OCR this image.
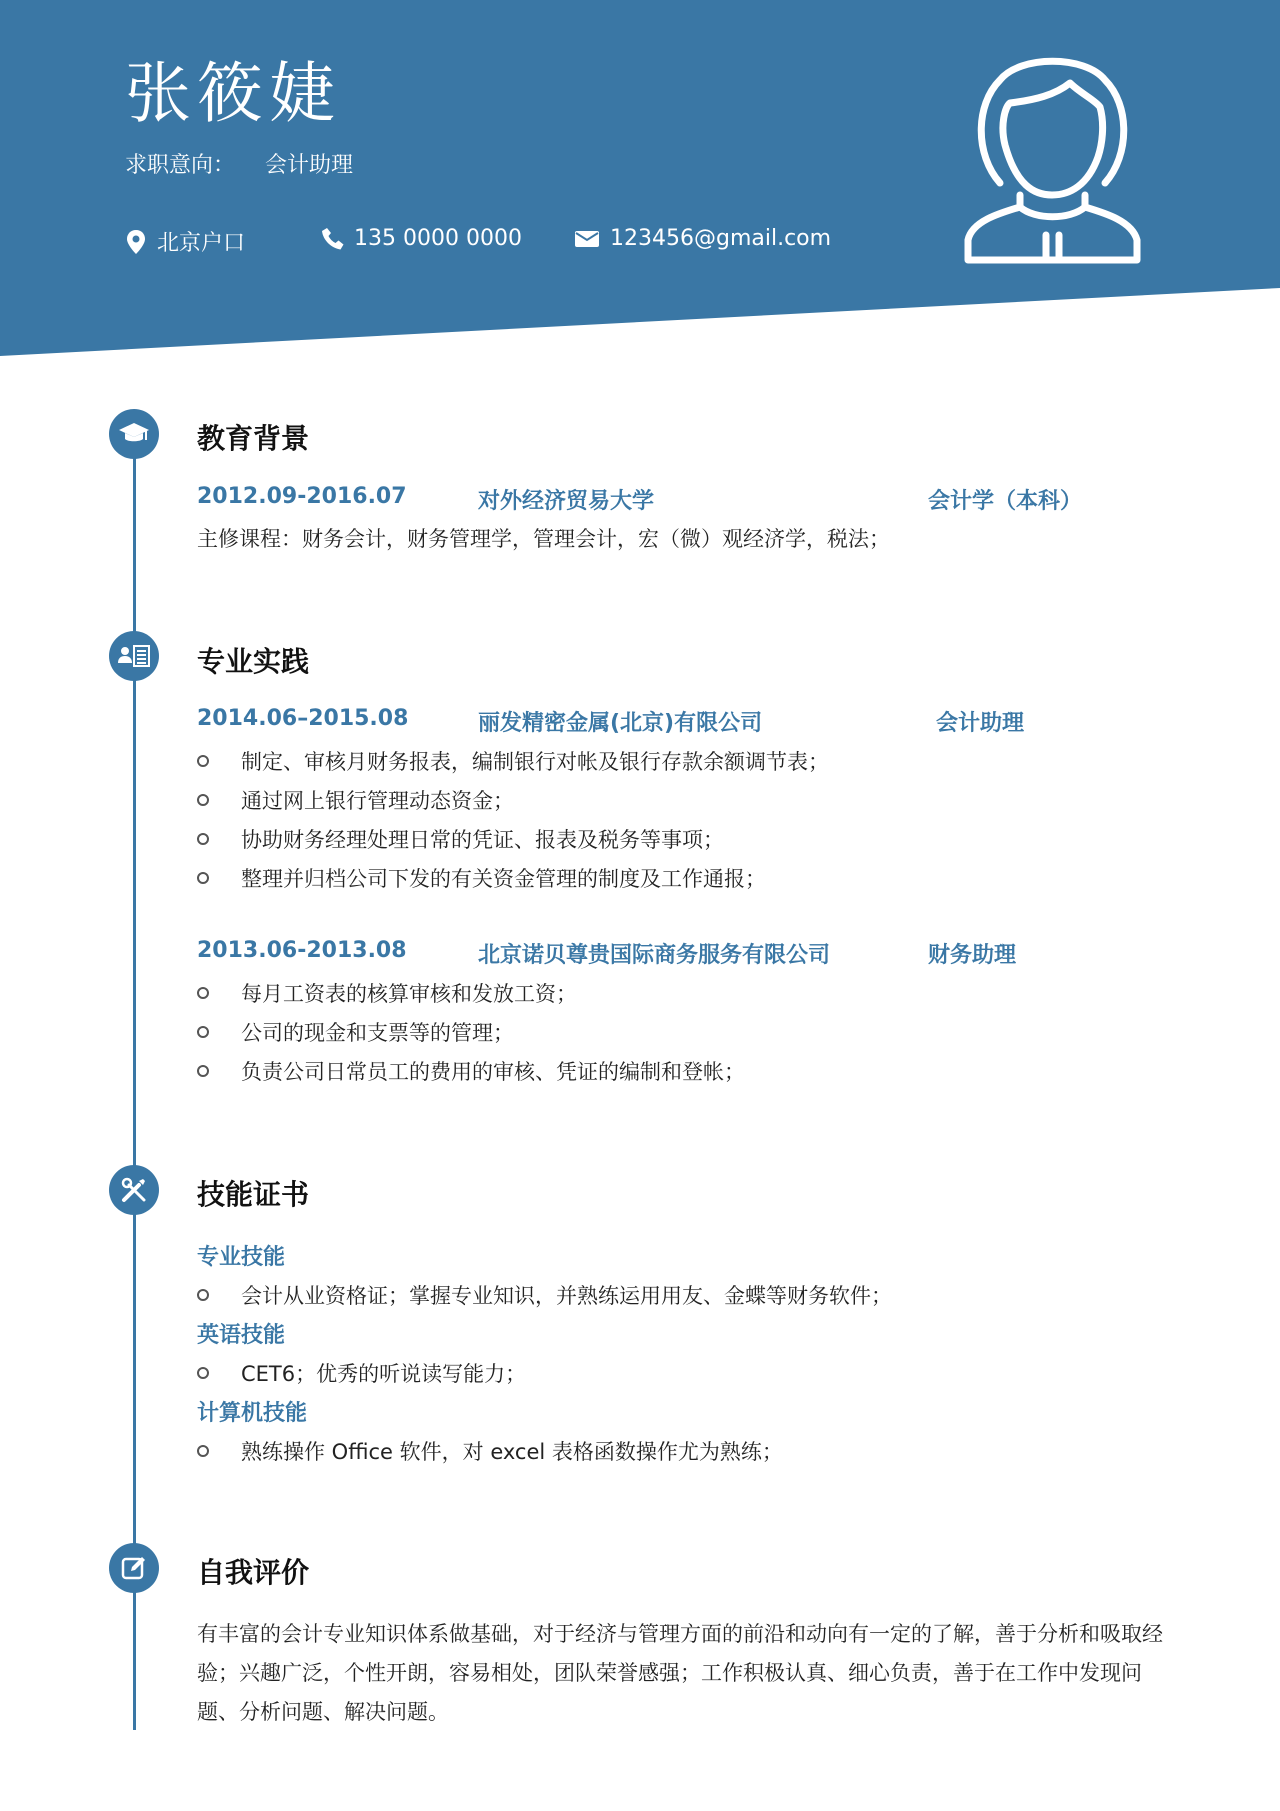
张筱婕
求职意向： 会计助理
北京户口	135 0000 0000	123456@gmail.com
教育背景
2012.09-2016.07	对外经济贸易大学	会计学（本科）
主修课程：财务会计，财务管理学，管理会计，宏（微）观经济学，税法；
专业实践
2014.06–2015.08	丽发精密金属(北京)有限公司	会计助理
制定、审核月财务报表，编制银行对帐及银行存款余额调节表；
通过网上银行管理动态资金；
协助财务经理处理日常的凭证、报表及税务等事项；
整理并归档公司下发的有关资金管理的制度及工作通报；
2013.06-2013.08	北京诺贝尊贵国际商务服务有限公司	财务助理
每月工资表的核算审核和发放工资；
公司的现金和支票等的管理；
负责公司日常员工的费用的审核、凭证的编制和登帐；
技能证书
专业技能
会计从业资格证；掌握专业知识，并熟练运用用友、金蝶等财务软件；
英语技能
CET6；优秀的听说读写能力；
计算机技能
熟练操作 Office 软件，对 excel 表格函数操作尤为熟练；
自我评价
有丰富的会计专业知识体系做基础，对于经济与管理方面的前沿和动向有一定的了解，善于分析和吸取经验；兴趣广泛，个性开朗，容易相处，团队荣誉感强；工作积极认真、细心负责，善于在工作中发现问题、分析问题、解决问题。
